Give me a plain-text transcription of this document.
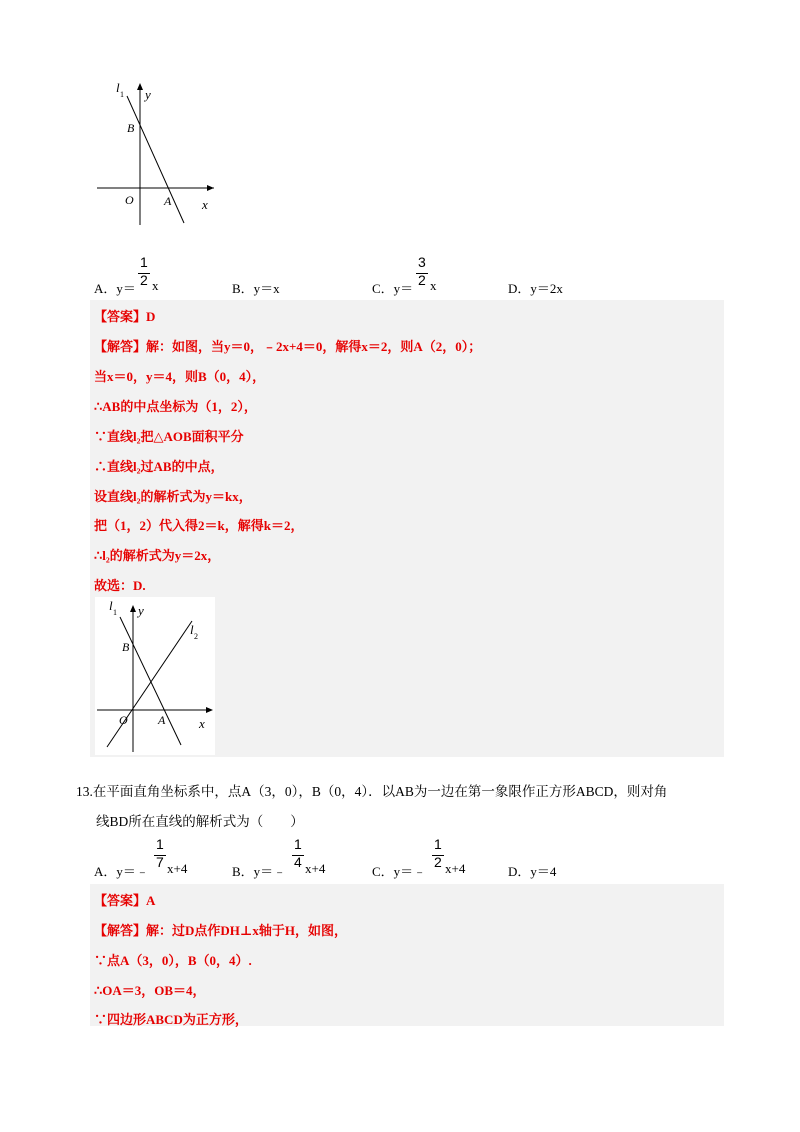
l 1 y
B
O	A x
A．y＝
1
2 x	B．y＝x	C．y＝
3
2 x	D．y＝2x
【答案】D
【解答】解：如图，当y＝0，﹣2x+4＝0，解得x＝2，则A（2，0）；
当x＝0，y＝4，则B（0，4），
∴AB的中点坐标为（1，2），
∵直线l₂把△AOB面积平分
∴直线l₂过AB的中点，
设直线l₂的解析式为y＝kx，
把（1，2）代入得2＝k，解得k＝2，
∴l₂的解析式为y＝2x，
故选：D.
l 1 y
l 2
B
O	A	x
13.在平面直角坐标系中，点A（3，0），B（0，4）．以AB为一边在第一象限作正方形ABCD，则对角
线BD所在直线的解析式为（　　）
A．y＝﹣
1
7 x+4	B．y＝﹣
1
4 x+4	C．y＝﹣
1
2 x+4	D．y＝4
【答案】A
【解答】解：过D点作DH⊥x轴于H，如图，
∵点A（3，0），B（0，4）.
∴OA＝3，OB＝4，
∵四边形ABCD为正方形，
